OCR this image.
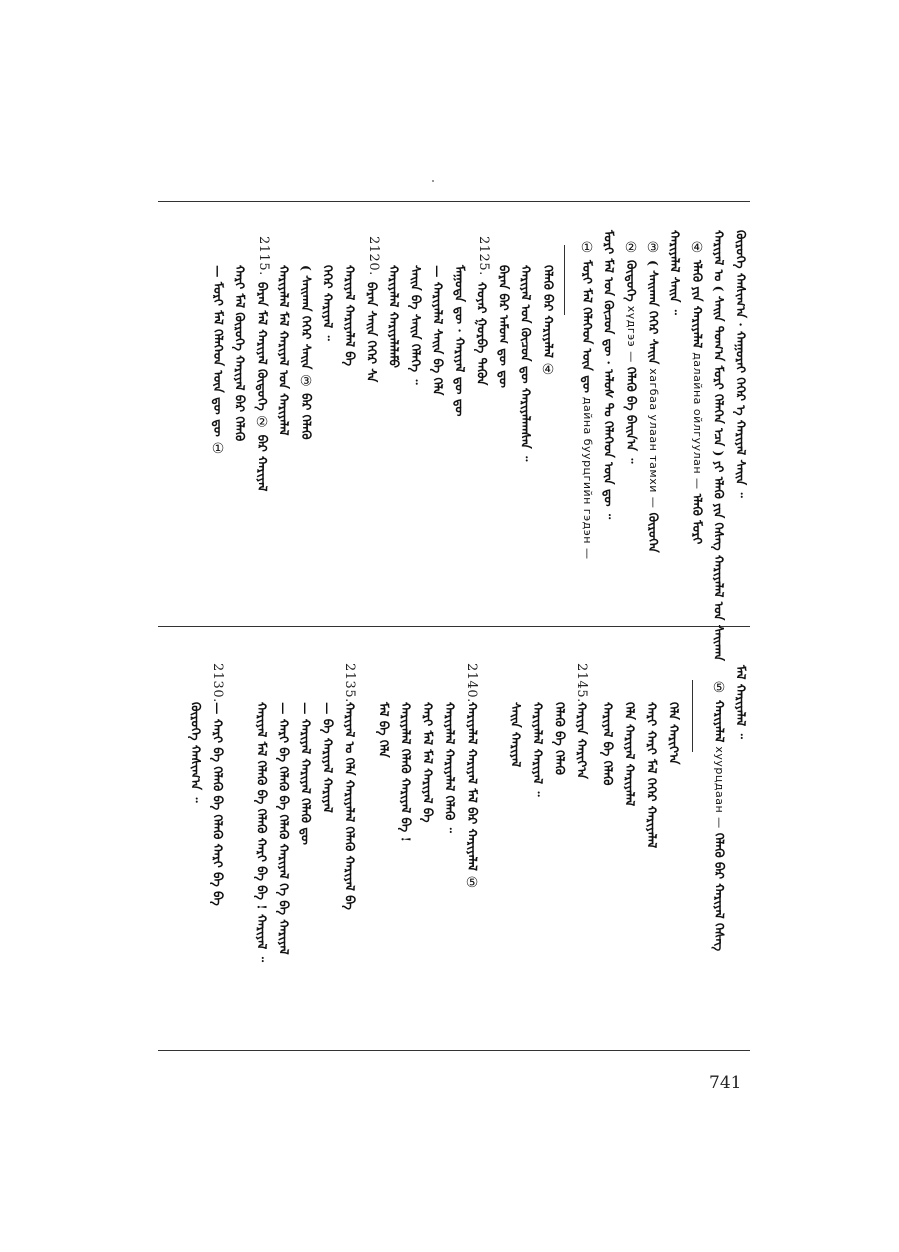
ᠭᠦᠷᠦᠭᠡ ᠬᠠᠰᠢᠭ᠎ᠠ · ᠬᠠᠭᠤᠷᠠᠢ ᠬᠡᠭᠡᠷ ᠡ ᠬᠠᠷᠢᠶᠠᠯ ᠰᠠᠢᠨ ᠃
ᠬᠠᠷᠢᠶᠠᠯ ᠤ ( ᠰᠠᠢᠨ ᠲᠣᠭ᠎ᠠ ᠮᠣᠷᠢ ᠬᠡᠯᠡᠭᠡᠨ ᠡᠴᠡ ) ᠶᠢ ᠡᠯᠡᠬᠦ ᠶᠢᠨ ᠬᠡᠰᠡᠭ ᠬᠠᠷᠢᠶᠠᠯᠠᠯ ᠤᠨ ᠰᠠᠢᠬᠠᠨ
④ ᠡᠯᠡᠬᠦ ᠶᠢᠨ ᠬᠠᠷᠢᠶᠠᠯᠠᠯ далайна ойлгуулан — ᠡᠯᠡᠬᠦ ᠮᠣᠷᠢ
ᠬᠠᠷᠢᠶᠠᠯᠠᠯ ᠰᠠᠢᠨ ᠃
③ ( ᠰᠠᠢᠬᠠᠨ ᠬᠡᠭᠡᠷ ᠰᠠᠢᠨ хагбаа улаан тамхи — ᠭᠦᠷᠦᠭᠡᠨ
② ᠬᠦᠳᠦᠭᠡ хүдгээ — ᠬᠡᠯᠡᠬᠦ ᠪᠡ ᠪᠠᠢᠨ᠎ᠠ ᠃
ᠮᠣᠷᠢ ᠮᠠᠯ ᠤᠨ ᠬᠦᠴᠦᠨ ᠳᠦ · ᠠᠯᠤᠰ ᠲᠤ ᠬᠡᠯᠡᠭᠡᠳ ᠦᠨ ᠳᠦ ᠃
① ᠮᠣᠷᠢ ᠮᠠᠯ ᠬᠡᠯᠡᠭᠡᠳ ᠦᠨ ᠳᠦ дайна буурцгийн гэдэн —
ᠬᠡᠯᠡᠬᠦ ᠪᠡᠷ ᠬᠠᠷᠢᠶᠠᠯᠠᠯ ④
ᠬᠠᠷᠢᠶᠠᠯ ᠤᠨ ᠬᠦᠴᠦᠨ ᠳᠦ ᠬᠠᠷᠢᠶᠠᠯᠠᠭᠰᠠᠨ ᠃
ᠪᠠᠷᠠᠨ ᠪᠡᠷ ᠠᠮᠤᠭ ᠳᠦ ᠳᠦ
2125.
ᠬᠣᠶᠠᠷ ᠭᠤᠷᠪᠠ ᠲᠡᠭᠦᠨ
ᠮᠠᠭᠤᠳᠠ ᠳᠦ · ᠬᠠᠷᠢᠶᠠᠯ ᠳᠦ ᠳᠦ
— ᠬᠠᠷᠢᠶᠠᠯᠠᠯ ᠰᠠᠢᠨ ᠪᠡ ᠬᠡᠯᠡ
ᠰᠠᠢᠨ ᠪᠡ ᠰᠠᠢᠨ ᠬᠡᠯᠡᠭᠡ ᠃
ᠬᠠᠷᠢᠶᠠᠯᠠᠯ ᠬᠠᠷᠢᠶᠠᠯᠠᠯᠠᠮᠤ
2120.
ᠪᠠᠷᠠᠨ ᠰᠠᠢᠨ ᠬᠡᠭᠡᠷ ᠰᠠ
ᠬᠠᠷᠢᠶᠠᠯ ᠬᠠᠷᠢᠶᠠᠯᠠᠯ ᠪᠡ
ᠬᠡᠭᠡᠷ ᠬᠠᠷᠢᠶᠠᠯ ᠃
( ᠰᠠᠢᠬᠠᠨ ᠬᠡᠭᠡᠷ ᠰᠠᠢᠨ ③ ᠪᠡᠷ ᠬᠡᠯᠡᠬᠦ
ᠬᠠᠷᠢᠶᠠᠯᠠᠯ ᠮᠠᠯ ᠬᠠᠷᠢᠶᠠᠯ ᠤᠨ ᠬᠠᠷᠢᠶᠠᠯᠠᠯ
2115.
ᠪᠠᠷᠠᠨ ᠮᠠᠯ ᠬᠠᠷᠢᠶᠠᠯ ᠬᠦᠳᠦᠭᠡ ② ᠪᠡᠷ ᠬᠠᠷᠢᠶᠠᠯ
ᠬᠠᠷᠢ ᠮᠠᠯ ᠬᠦᠷᠦᠭᠡ ᠬᠠᠷᠢᠶᠠᠯ ᠪᠡᠷ ᠬᠡᠯᠡᠬᠦ
— ᠮᠣᠷᠢ ᠮᠠᠯ ᠬᠡᠯᠡᠭᠡᠳ ᠦᠨ ᠳᠦ ᠳᠦ ①
ᠮᠠᠯ ᠬᠠᠷᠢᠶᠠᠯᠠᠯ ᠃
⑤ ᠬᠠᠷᠢᠶᠠᠯᠠᠯ хуурцдаан — ᠬᠡᠯᠡᠬᠦ ᠪᠡᠷ ᠬᠠᠷᠢᠶᠠᠯ ᠬᠡᠰᠡᠭ
ᠬᠡᠯᠡ ᠬᠠᠷᠢᠶ᠎ᠠ
ᠬᠠᠷᠢ ᠬᠠᠷᠢ ᠮᠠᠯ ᠬᠡᠭᠡᠷ ᠬᠠᠷᠢᠶᠠᠯᠠᠯ
ᠬᠡᠯᠡ ᠬᠠᠷᠢᠶᠠᠯ ᠬᠠᠷᠢᠶᠠᠯᠠᠯ
ᠬᠠᠷᠢᠶᠠᠯ ᠪᠡ ᠬᠡᠯᠡᠬᠦ
2145.
ᠬᠠᠷᠢᠶᠠ ᠬᠠᠷᠢᠶ᠎ᠠ
ᠬᠡᠯᠡᠬᠦ ᠪᠡ ᠬᠡᠯᠡᠬᠦ
ᠬᠠᠷᠢᠶᠠᠯᠠᠯ ᠬᠠᠷᠢᠶᠠᠯ ᠃
ᠰᠠᠢᠨ ᠬᠠᠷᠢᠶᠠᠯ
2140.
ᠬᠠᠷᠢᠶᠠᠯᠠᠯ ᠬᠠᠷᠢᠶᠠᠯ ᠮᠠᠯ ᠪᠡᠷ ᠬᠠᠷᠢᠶᠠᠯᠠᠯ ⑤
ᠬᠠᠷᠢᠶᠠᠯᠠᠯ ᠬᠠᠷᠢᠶᠠᠯᠠᠯ ᠬᠡᠯᠡᠬᠦ ᠃
ᠬᠠᠷᠢ ᠮᠠᠯ ᠮᠠᠯ ᠬᠠᠷᠢᠶᠠᠯ ᠪᠡ
ᠬᠠᠷᠢᠶᠠᠯᠠᠯ ᠬᠡᠯᠡᠬᠦ ᠬᠠᠷᠢᠶᠠᠯ ᠪᠡ !
ᠮᠠᠯ ᠪᠡ ᠬᠡᠯᠡ
2135.
ᠬᠠᠷᠢᠶᠠᠯ ᠤ ᠬᠡᠯᠡ ᠬᠠᠷᠢᠶᠠᠯᠠᠯ ᠬᠡᠯᠡᠬᠦ ᠬᠠᠷᠢᠶᠠᠯ ᠪᠡ
— ᠪᠡ ᠬᠠᠷᠢᠶᠠᠯ ᠬᠠᠷᠢᠶᠠᠯ
— ᠬᠠᠷᠢᠶᠠᠯ ᠬᠠᠷᠢᠶᠠᠯ ᠬᠡᠯᠡᠬᠦ ᠳᠦ
— ᠬᠠᠷᠢ ᠪᠡ ᠬᠡᠯᠡᠬᠦ ᠪᠡ ᠬᠡᠯᠡᠬᠦ ᠬᠠᠷᠢᠶᠠᠯ ᠬᠡ ᠪᠡ ᠬᠠᠷᠢᠶᠠᠯ
ᠬᠠᠷᠢᠶᠠᠯ ᠮᠠᠯ ᠬᠡᠯᠡᠬᠦ ᠪᠡ ᠬᠡᠯᠡᠬᠦ ᠬᠠᠷᠢ ᠪᠡ ᠪᠡ ! ᠬᠠᠷᠢᠶᠠᠯ ᠃
2130.
— ᠬᠠᠷᠢ ᠪᠡ ᠬᠡᠯᠡᠬᠦ ᠪᠡ ᠬᠡᠯᠡᠬᠦ ᠬᠠᠷᠢ ᠪᠡ ᠪᠡ
ᠭᠦᠷᠦᠭᠡ ᠬᠠᠰᠢᠭ᠎ᠠ ᠃
741
